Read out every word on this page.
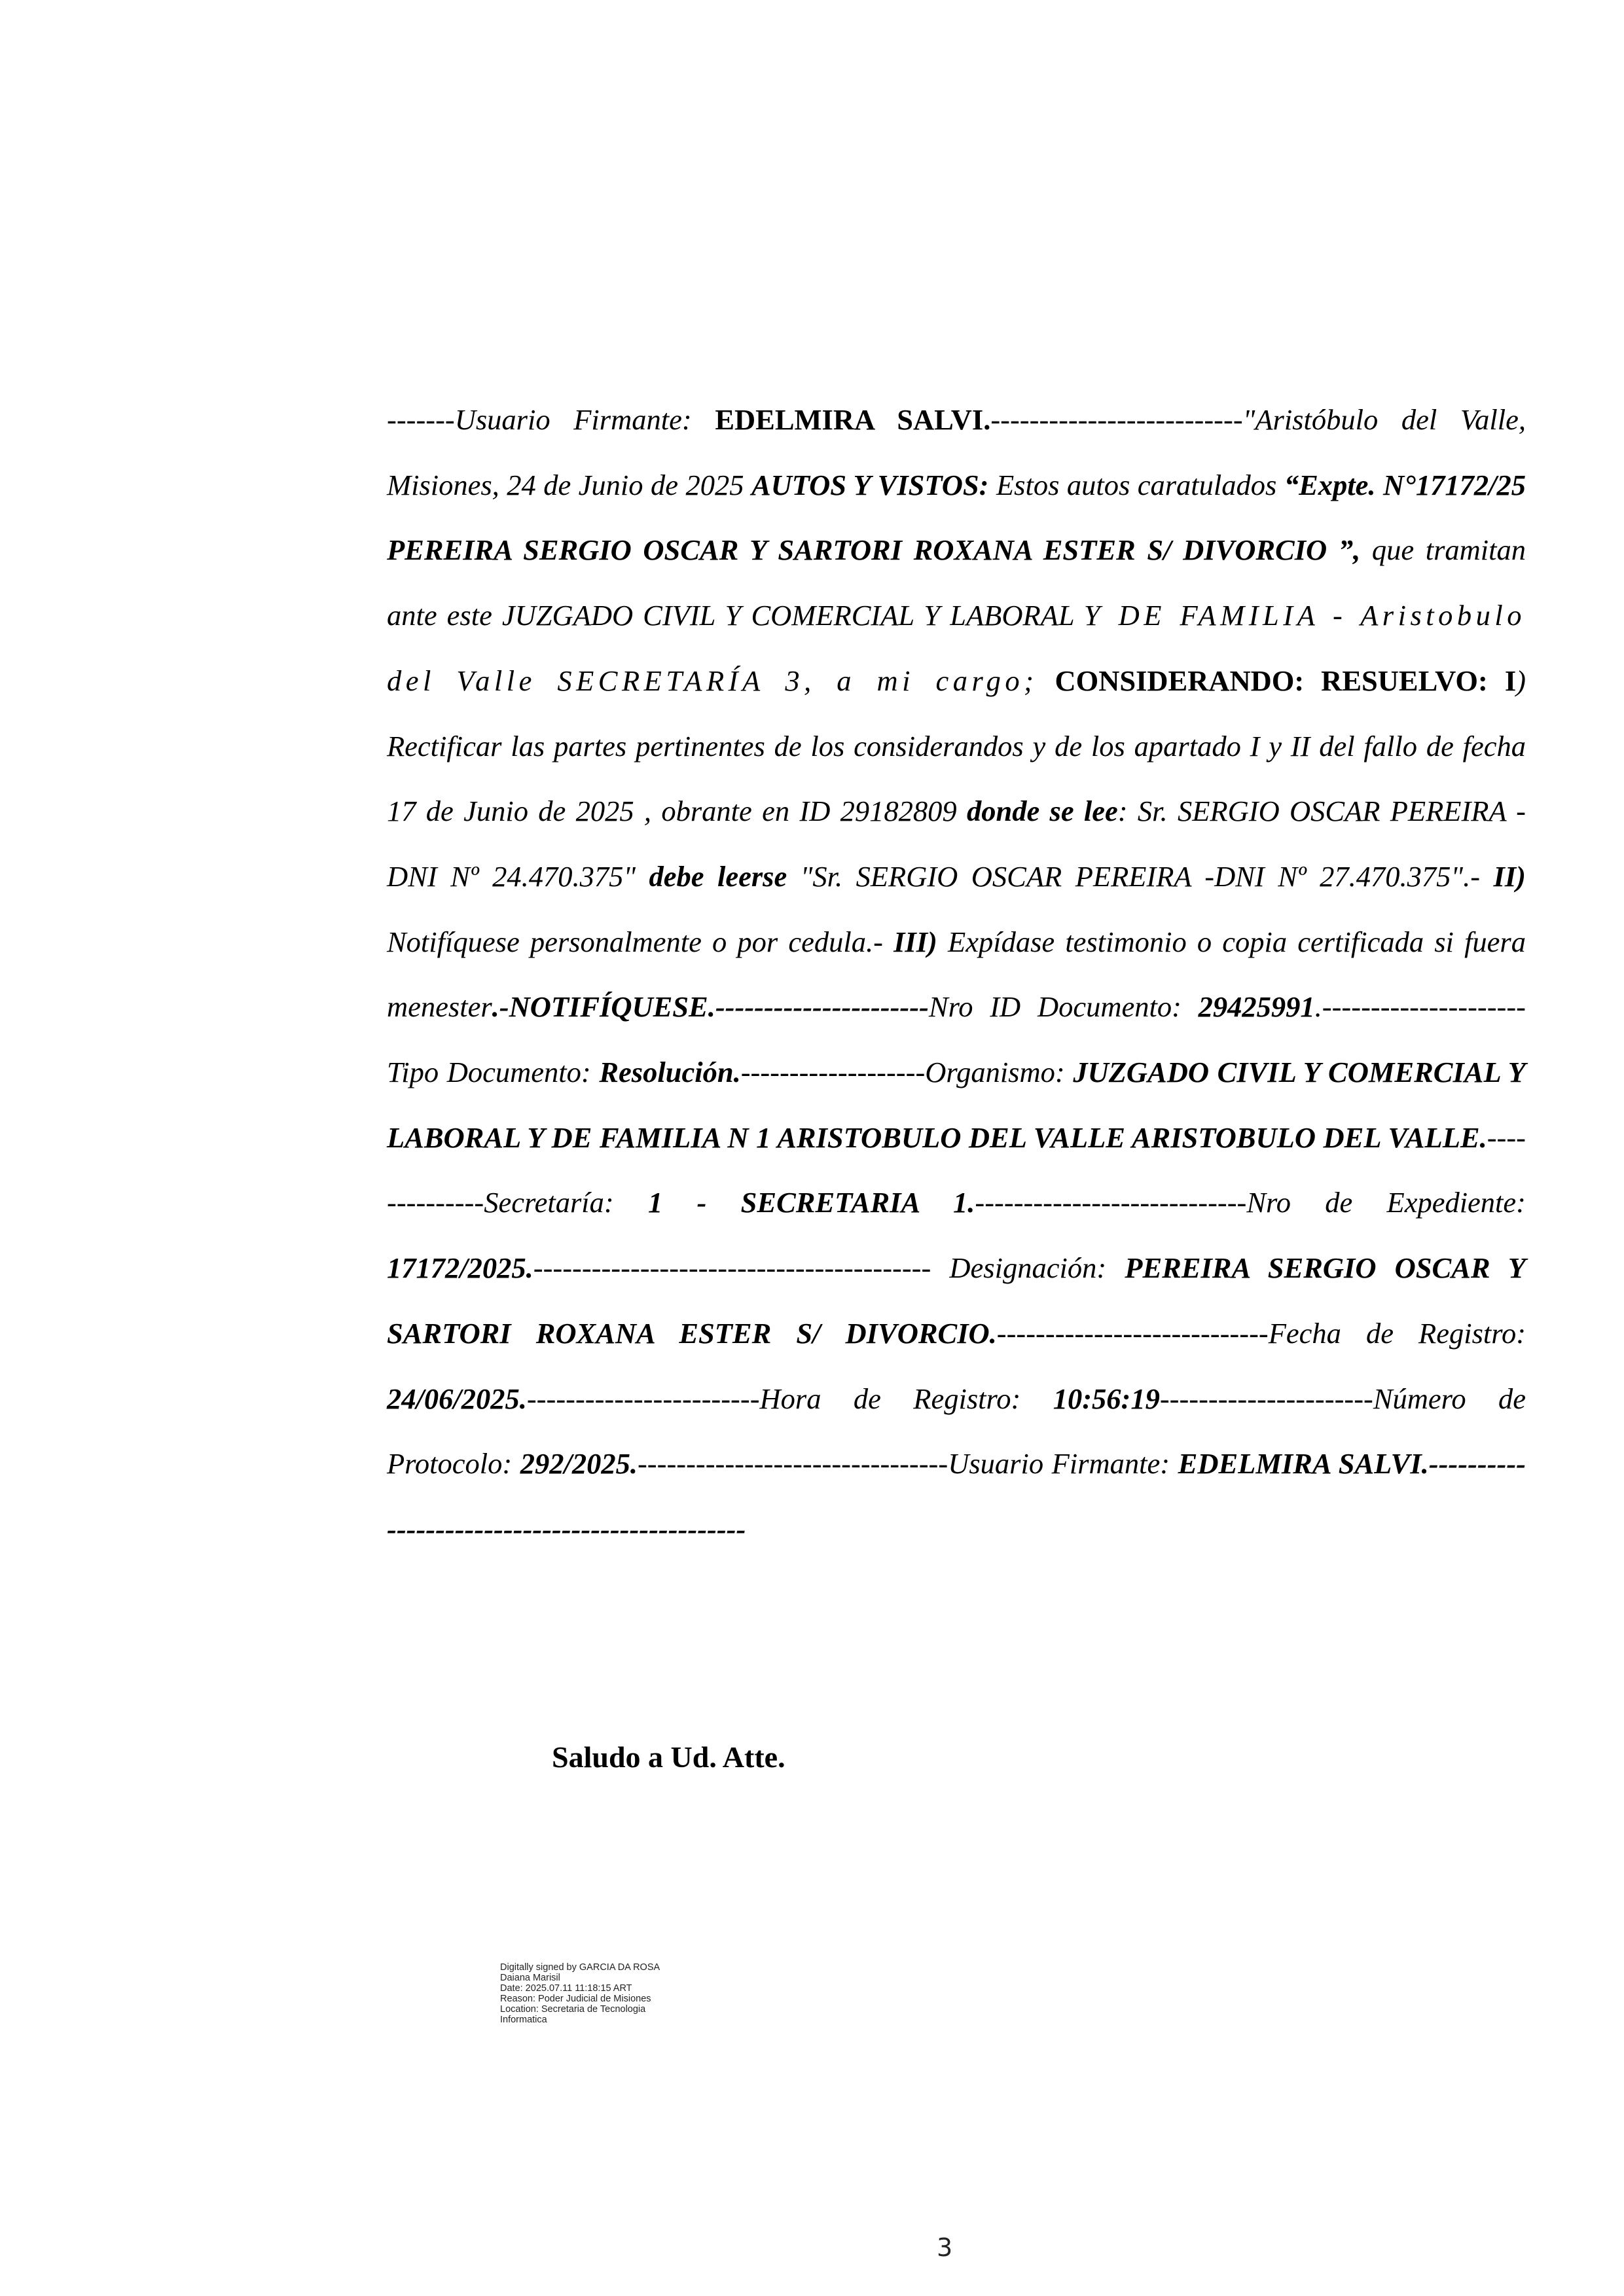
-------Usuario Firmante: EDELMIRA SALVI.--------------------------"Aristóbulo del Valle, Misiones, 24 de Junio de 2025 AUTOS Y VISTOS: Estos autos caratulados “Expte. N°17172/25 PEREIRA SERGIO OSCAR Y SARTORI ROXANA ESTER S/ DIVORCIO ”, que tramitan ante este JUZGADO CIVIL Y COMERCIAL Y LABORAL Y DE FAMILIA - Aristobulo del Valle SECRETARÍA 3, a mi cargo; CONSIDERANDO: RESUELVO: I) Rectificar las partes pertinentes de los considerandos y de los apartado I y II del fallo de fecha 17 de Junio de 2025 , obrante en ID 29182809 donde se lee: Sr. SERGIO OSCAR PEREIRA -DNI Nº 24.470.375" debe leerse "Sr. SERGIO OSCAR PEREIRA -DNI Nº 27.470.375".- II) Notifíquese personalmente o por cedula.- III) Expídase testimonio o copia certificada si fuera menester.-NOTIFÍQUESE.----------------------Nro ID Documento: 29425991.---------------------Tipo Documento: Resolución.-------------------Organismo: JUZGADO CIVIL Y COMERCIAL Y LABORAL Y DE FAMILIA N 1 ARISTOBULO DEL VALLE ARISTOBULO DEL VALLE.--------------Secretaría: 1 - SECRETARIA 1.----------------------------Nro de Expediente: 17172/2025.----------------------------------------- Designación: PEREIRA SERGIO OSCAR Y SARTORI ROXANA ESTER S/ DIVORCIO.----------------------------Fecha de Registro: 24/06/2025.------------------------Hora de Registro: 10:56:19----------------------Número de Protocolo: 292/2025.--------------------------------Usuario Firmante: EDELMIRA SALVI.-----------------------------------------------

Saludo a Ud. Atte.

Digitally signed by GARCIA DA ROSA
Daiana Marisil
Date: 2025.07.11 11:18:15 ART
Reason: Poder Judicial de Misiones
Location: Secretaria de Tecnologia
Informatica
3
